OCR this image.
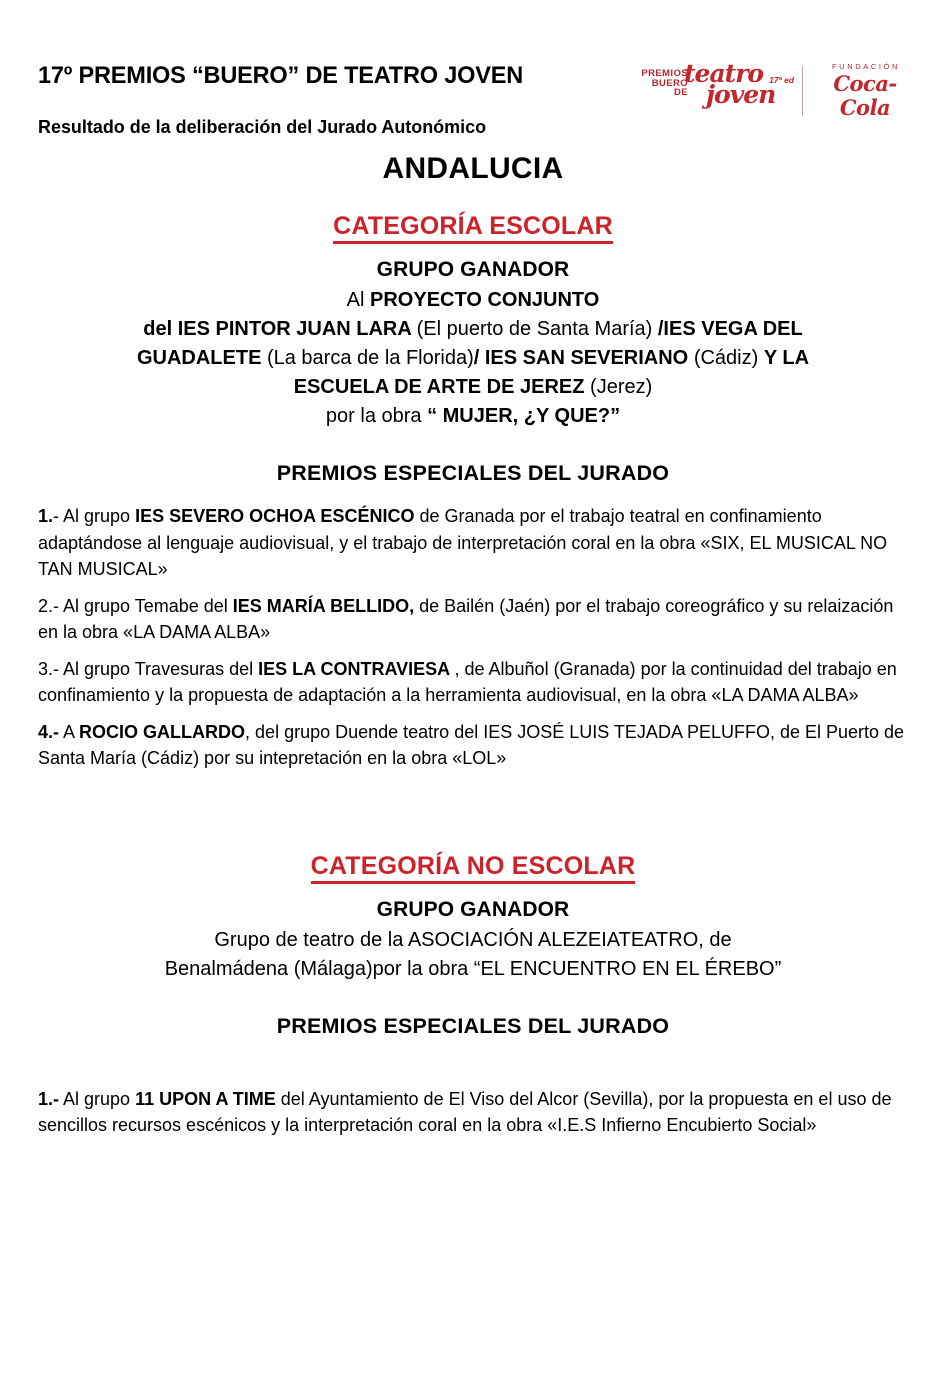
17º PREMIOS “BUERO” DE TEATRO JOVEN
Resultado de la deliberación del Jurado Autonómico
PREMIOS
BUERO
DE
teatro
joven
17ª ed
FUNDACIÓN
Coca-Cola
ANDALUCIA
CATEGORÍA ESCOLAR
GRUPO GANADOR

Al PROYECTO CONJUNTO
del IES PINTOR JUAN LARA (El puerto de Santa María) /IES VEGA DEL
GUADALETE (La barca de la Florida)/ IES SAN SEVERIANO (Cádiz) Y LA
ESCUELA DE ARTE DE JEREZ (Jerez)
por la obra “ MUJER, ¿Y QUE?”

PREMIOS ESPECIALES DEL JURADO

1.- Al grupo IES SEVERO OCHOA ESCÉNICO de Granada por el trabajo teatral en confinamiento adaptándose al lenguaje audiovisual, y el trabajo de interpretación coral en la obra «SIX, EL MUSICAL NO TAN MUSICAL»

2.- Al grupo Temabe del IES MARÍA BELLIDO, de Bailén (Jaén) por el trabajo coreográfico y su relaización en la obra «LA DAMA ALBA»

3.- Al grupo Travesuras del IES LA CONTRAVIESA , de Albuñol (Granada) por la continuidad del trabajo en confinamiento y la propuesta de adaptación a la herramienta audiovisual, en la obra «LA DAMA ALBA»

4.- A ROCIO GALLARDO, del grupo Duende teatro del IES JOSÉ LUIS TEJADA PELUFFO, de El Puerto de Santa María (Cádiz) por su intepretación en la obra «LOL»

CATEGORÍA NO ESCOLAR
GRUPO GANADOR

Grupo de teatro de la ASOCIACIÓN ALEZEIATEATRO, de
Benalmádena (Málaga)por la obra “EL ENCUENTRO EN EL ÉREBO”

PREMIOS ESPECIALES DEL JURADO

1.- Al grupo 11 UPON A TIME del Ayuntamiento de El Viso del Alcor (Sevilla), por la propuesta en el uso de sencillos recursos escénicos y la interpretación coral en la obra «I.E.S Infierno Encubierto Social»
